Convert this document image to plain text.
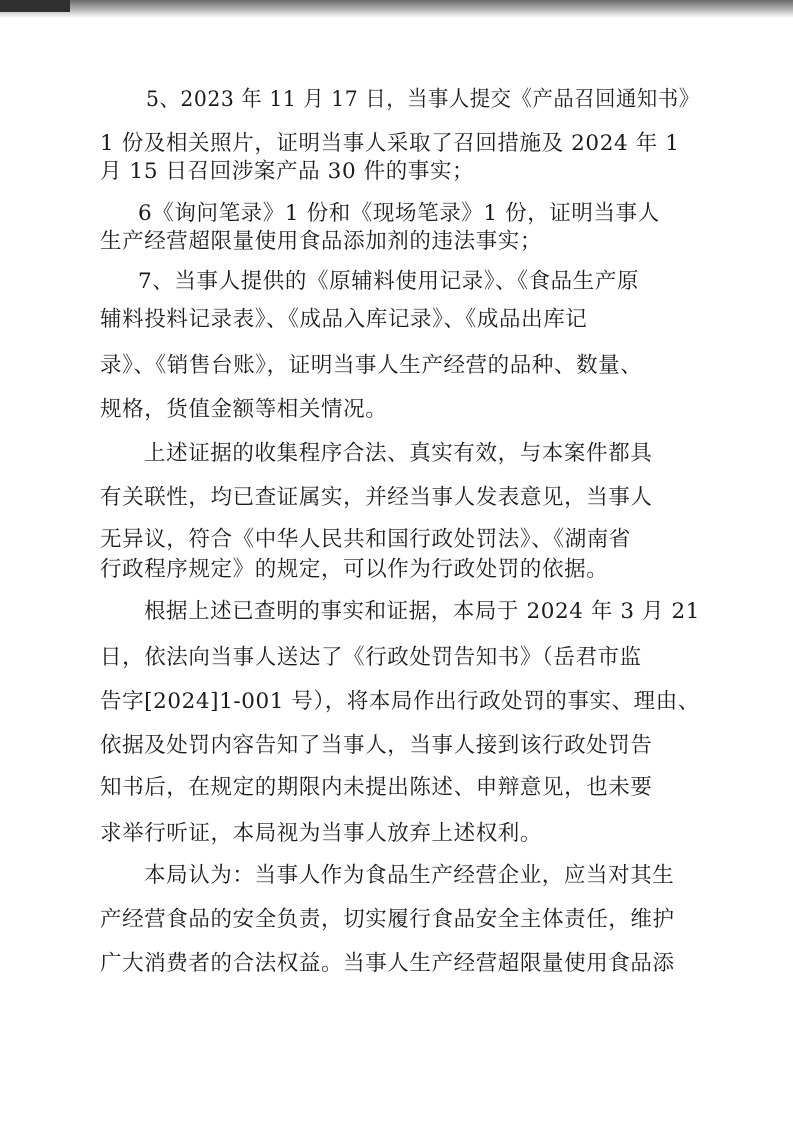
5、2023 年 11 月 17 日，当事人提交《产品召回通知书》
1 份及相关照片，证明当事人采取了召回措施及 2024 年 1
月 15 日召回涉案产品 30 件的事实；
6《询问笔录》1 份和《现场笔录》1 份，证明当事人
生产经营超限量使用食品添加剂的违法事实；
7、当事人提供的《原辅料使用记录》、《食品生产原
辅料投料记录表》、《成品入库记录》、《成品出库记
录》、《销售台账》，证明当事人生产经营的品种、数量、
规格，货值金额等相关情况。
上述证据的收集程序合法、真实有效，与本案件都具
有关联性，均已查证属实，并经当事人发表意见，当事人
无异议，符合《中华人民共和国行政处罚法》、《湖南省
行政程序规定》的规定，可以作为行政处罚的依据。
根据上述已查明的事实和证据，本局于 2024 年 3 月 21
日，依法向当事人送达了《行政处罚告知书》（岳君市监
告字[2024]1-001 号），将本局作出行政处罚的事实、理由、
依据及处罚内容告知了当事人，当事人接到该行政处罚告
知书后，在规定的期限内未提出陈述、申辩意见，也未要
求举行听证，本局视为当事人放弃上述权利。
本局认为：当事人作为食品生产经营企业，应当对其生
产经营食品的安全负责，切实履行食品安全主体责任，维护
广大消费者的合法权益。当事人生产经营超限量使用食品添
